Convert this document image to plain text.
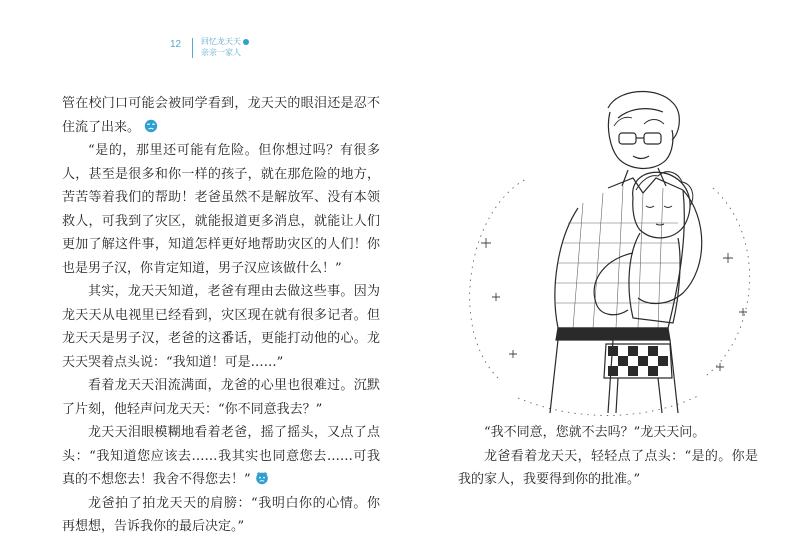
12	回忆龙天天
亲亲一家人

管在校门口可能会被同学看到，龙天天的眼泪还是忍不住流了出来。

“是的，那里还可能有危险。但你想过吗？有很多人，甚至是很多和你一样的孩子，就在那危险的地方，苦苦等着我们的帮助！老爸虽然不是解放军、没有本领救人，可我到了灾区，就能报道更多消息，就能让人们更加了解这件事，知道怎样更好地帮助灾区的人们！你也是男子汉，你肯定知道，男子汉应该做什么！”

其实，龙天天知道，老爸有理由去做这些事。因为龙天天从电视里已经看到，灾区现在就有很多记者。但龙天天是男子汉，老爸的这番话，更能打动他的心。龙天天哭着点头说：“我知道！可是……”

看着龙天天泪流满面，龙爸的心里也很难过。沉默了片刻，他轻声问龙天天：“你不同意我去？”

龙天天泪眼模糊地看着老爸，摇了摇头，又点了点头：“我知道您应该去……我其实也同意您去……可我真的不想您去！我舍不得您去！”

龙爸拍了拍龙天天的肩膀：“我明白你的心情。你再想想，告诉我你的最后决定。”

“我不同意，您就不去吗？”龙天天问。

龙爸看着龙天天，轻轻点了点头：“是的。你是我的家人，我要得到你的批准。”
